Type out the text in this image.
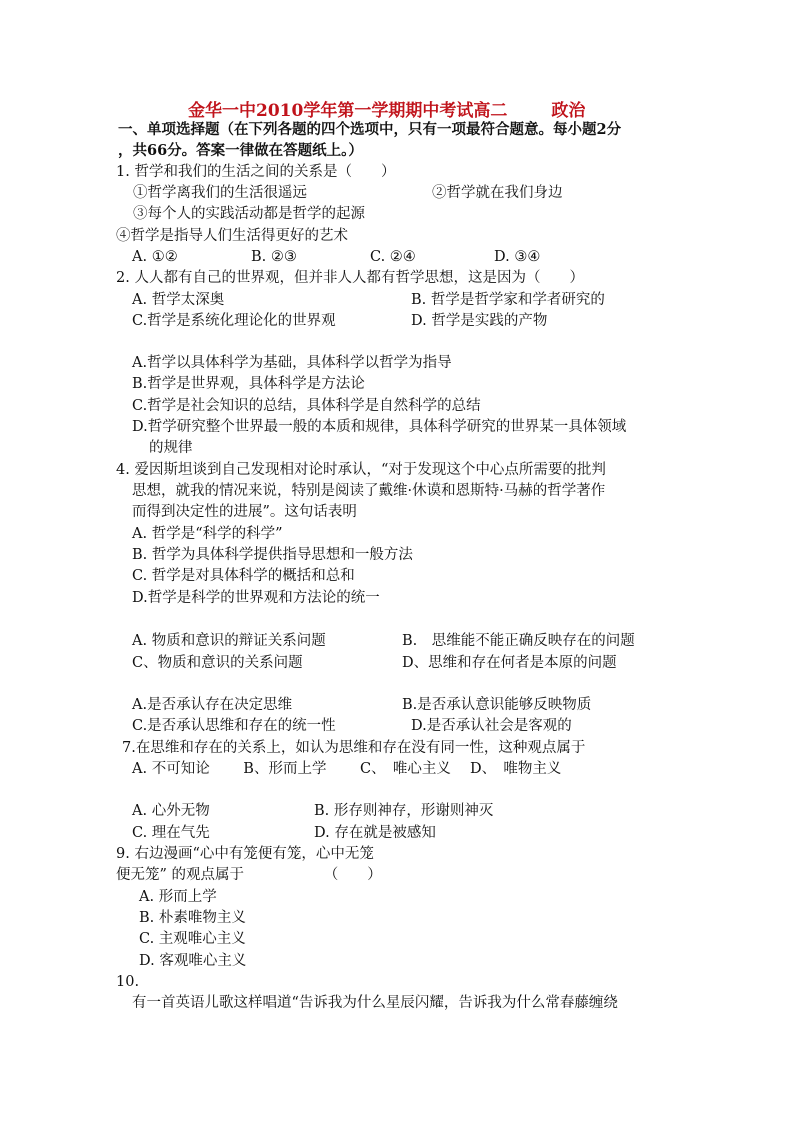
金华一中2010学年第一学期期中考试高二	政治
一、单项选择题（在下列各题的四个选项中，只有一项最符合题意。每小题2分
，共66分。答案一律做在答题纸上。）
1. 哲学和我们的生活之间的关系是（　　）
①哲学离我们的生活很遥远	②哲学就在我们身边
③每个人的实践活动都是哲学的起源
④哲学是指导人们生活得更好的艺术
A. ①②	B. ②③	C. ②④	D. ③④
2. 人人都有自己的世界观，但并非人人都有哲学思想，这是因为（　　）
A. 哲学太深奥	B. 哲学是哲学家和学者研究的
C.哲学是系统化理论化的世界观	D. 哲学是实践的产物
A.哲学以具体科学为基础，具体科学以哲学为指导
B.哲学是世界观，具体科学是方法论
C.哲学是社会知识的总结，具体科学是自然科学的总结
D.哲学研究整个世界最一般的本质和规律，具体科学研究的世界某一具体领域
的规律
4. 爱因斯坦谈到自己发现相对论时承认，“对于发现这个中心点所需要的批判
思想，就我的情况来说，特别是阅读了戴维·休谟和恩斯特·马赫的哲学著作
而得到决定性的进展”。这句话表明
A. 哲学是“科学的科学”
B. 哲学为具体科学提供指导思想和一般方法
C. 哲学是对具体科学的概括和总和
D.哲学是科学的世界观和方法论的统一
A. 物质和意识的辩证关系问题	B.　思维能不能正确反映存在的问题
C、物质和意识的关系问题	D、思维和存在何者是本原的问题
A.是否承认存在决定思维	B.是否承认意识能够反映物质
C.是否承认思维和存在的统一性	D.是否承认社会是客观的
7.在思维和存在的关系上，如认为思维和存在没有同一性，这种观点属于
A. 不可知论　　 B、形而上学　　 C、　唯心主义　 D、　唯物主义
A. 心外无物	B. 形存则神存，形谢则神灭
C. 理在气先	D. 存在就是被感知
9. 右边漫画“心中有笼便有笼，心中无笼
便无笼” 的观点属于　　　　　　（　　）
A. 形而上学
B. 朴素唯物主义
C. 主观唯心主义
D. 客观唯心主义
10.
有一首英语儿歌这样唱道“告诉我为什么星辰闪耀，告诉我为什么常春藤缠绕
